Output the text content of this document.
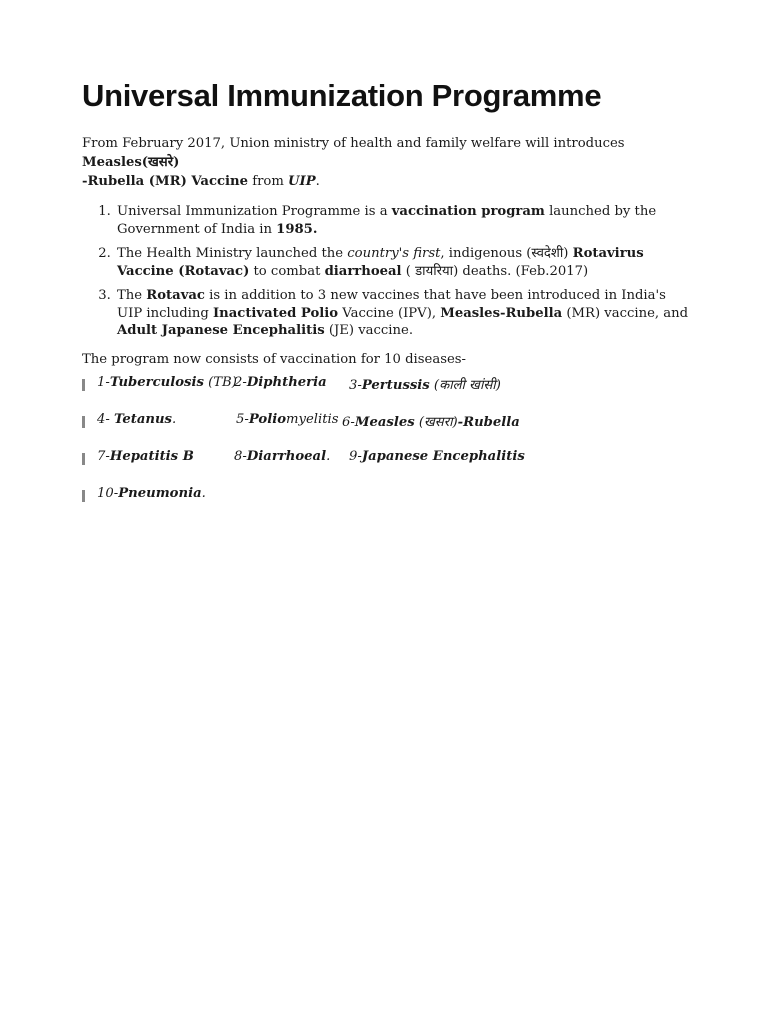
Universal Immunization Programme
From February 2017, Union ministry of health and family welfare will introduces Measles(खसरे)
-Rubella (MR) Vaccine from UIP.
1. Universal Immunization Programme is a vaccination program launched by the Government of India in 1985.
2. The Health Ministry launched the country's first, indigenous (स्वदेशी) Rotavirus Vaccine (Rotavac) to combat diarrhoeal ( डायरिया) deaths. (Feb.2017)
3. The Rotavac is in addition to 3 new vaccines that have been introduced in India's UIP including Inactivated Polio Vaccine (IPV), Measles-Rubella (MR) vaccine, and Adult Japanese Encephalitis (JE) vaccine.
The program now consists of vaccination for 10 diseases-
1-Tuberculosis (TB)
2-Diphtheria 3-Pertussis (काली खांसी)
4- Tetanus.	5-Poliomyelitis 6-Measles (खसरा)-Rubella
7-Hepatitis B	8-Diarrhoeal. 9-Japanese Encephalitis
10-Pneumonia.
